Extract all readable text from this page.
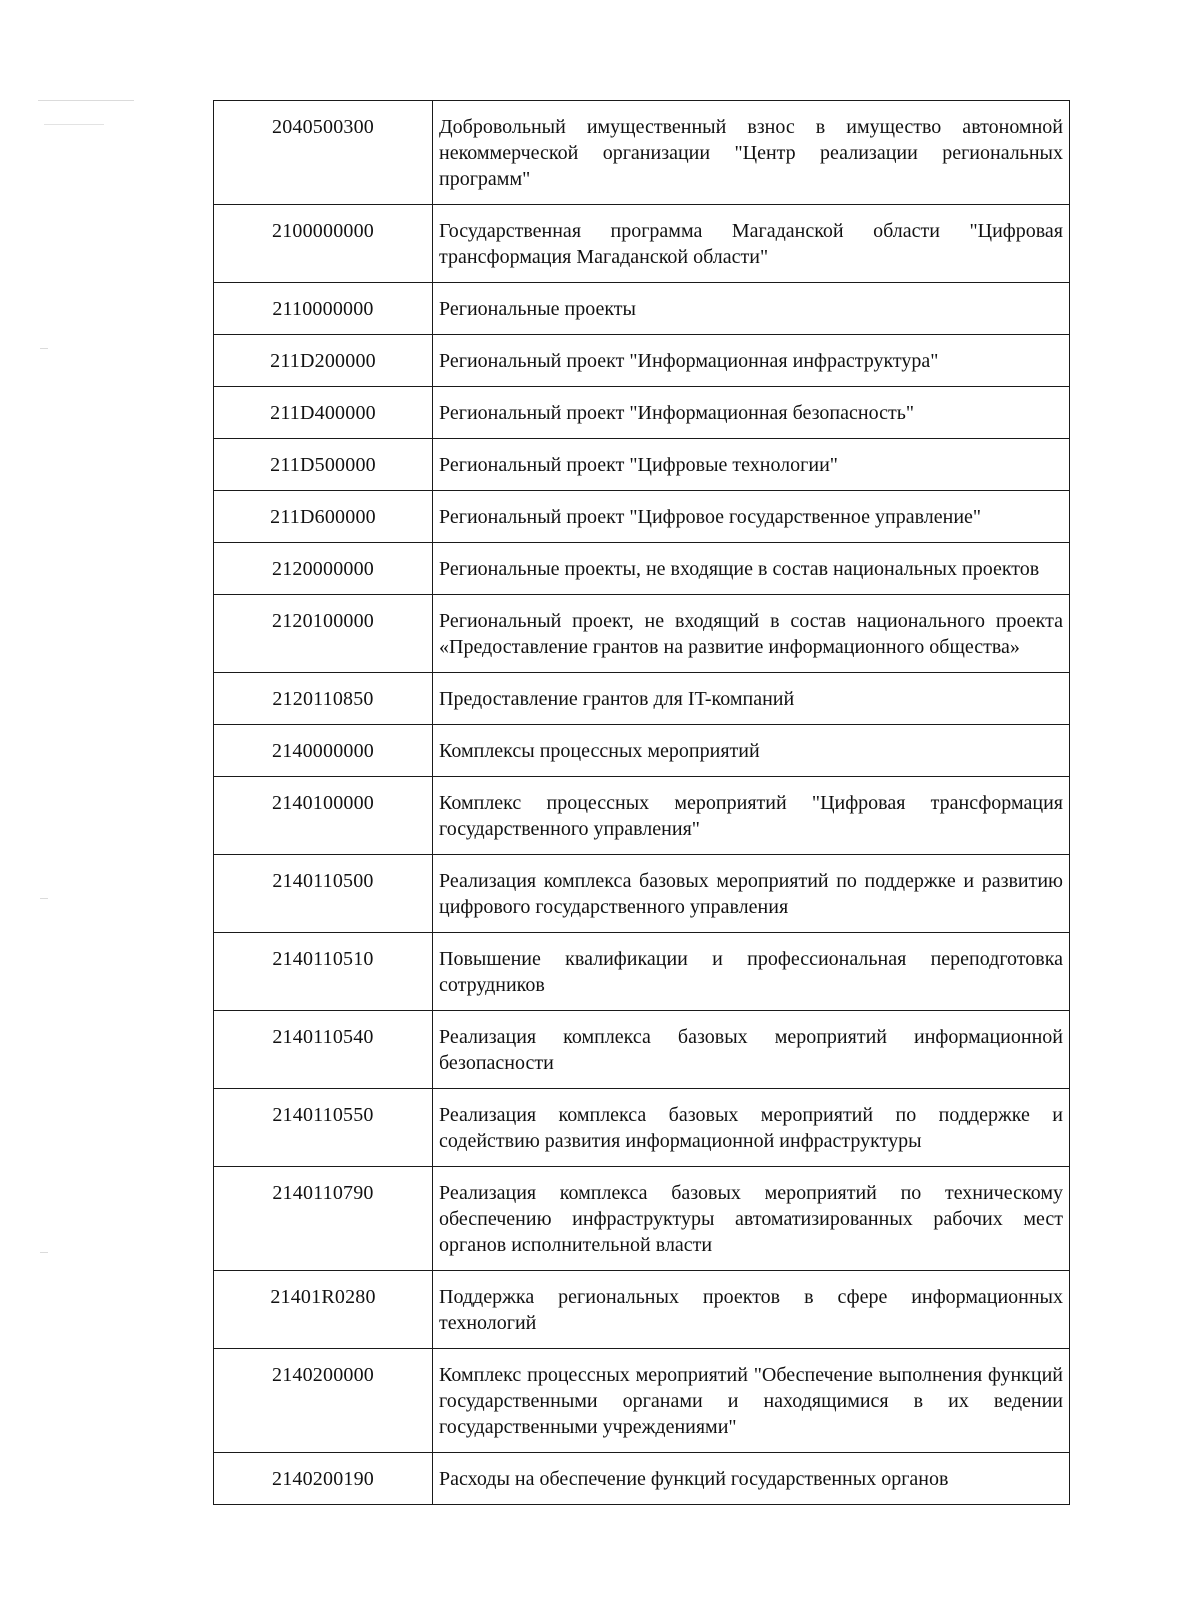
2040500300	Добровольный имущественный взнос в имущество автономной некоммерческой организации "Центр реализации региональных программ"
2100000000	Государственная программа Магаданской области "Цифровая трансформация Магаданской области"
2110000000	Региональные проекты
211D200000	Региональный проект "Информационная инфраструктура"
211D400000	Региональный проект "Информационная безопасность"
211D500000	Региональный проект "Цифровые технологии"
211D600000	Региональный проект "Цифровое государственное управление"
2120000000	Региональные проекты, не входящие в состав национальных проектов
2120100000	Региональный проект, не входящий в состав национального проекта «Предоставление грантов на развитие информационного общества»
2120110850	Предоставление грантов для IT-компаний
2140000000	Комплексы процессных мероприятий
2140100000	Комплекс процессных мероприятий "Цифровая трансформация государственного управления"
2140110500	Реализация комплекса базовых мероприятий по поддержке и развитию цифрового государственного управления
2140110510	Повышение квалификации и профессиональная переподготовка сотрудников
2140110540	Реализация комплекса базовых мероприятий информационной безопасности
2140110550	Реализация комплекса базовых мероприятий по поддержке и содействию развития информационной инфраструктуры
2140110790	Реализация комплекса базовых мероприятий по техническому обеспечению инфраструктуры автоматизированных рабочих мест органов исполнительной власти
21401R0280	Поддержка региональных проектов в сфере информационных технологий
2140200000	Комплекс процессных мероприятий "Обеспечение выполнения функций государственными органами и находящимися в их ведении государственными учреждениями"
2140200190	Расходы на обеспечение функций государственных органов
